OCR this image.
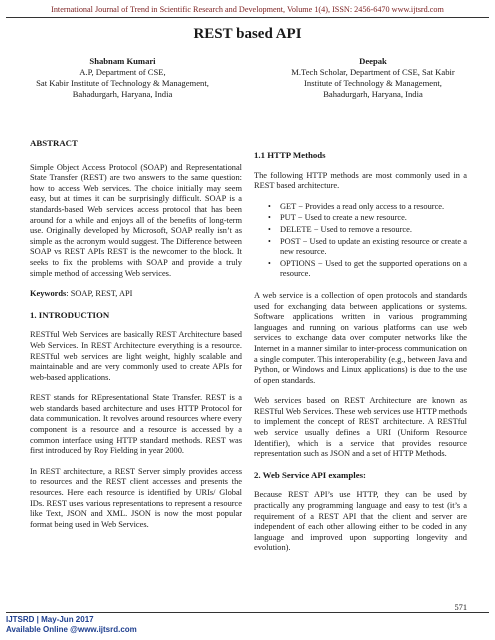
International Journal of Trend in Scientific Research and Development, Volume 1(4), ISSN: 2456-6470 www.ijtsrd.com
REST based API
Shabnam Kumari
A.P, Department of CSE,
Sat Kabir Institute of Technology & Management,
Bahadurgarh, Haryana, India
Deepak
M.Tech Scholar, Department of CSE, Sat Kabir
Institute of Technology & Management,
Bahadurgarh, Haryana, India

ABSTRACT

Simple Object Access Protocol (SOAP) and Representational State Transfer (REST) are two answers to the same question: how to access Web services. The choice initially may seem easy, but at times it can be surprisingly difficult. SOAP is a standards-based Web services access protocol that has been around for a while and enjoys all of the benefits of long-term use. Originally developed by Microsoft, SOAP really isn’t as simple as the acronym would suggest. The Difference between SOAP vs REST APIs REST is the newcomer to the block. It seeks to fix the problems with SOAP and provide a truly simple method of accessing Web services.

Keywords: SOAP, REST, API

1. INTRODUCTION

RESTful Web Services are basically REST Architecture based Web Services. In REST Architecture everything is a resource. RESTful web services are light weight, highly scalable and maintainable and are very commonly used to create APIs for web-based applications.

REST stands for REpresentational State Transfer. REST is a web standards based architecture and uses HTTP Protocol for data communication. It revolves around resources where every component is a resource and a resource is accessed by a common interface using HTTP standard methods. REST was first introduced by Roy Fielding in year 2000.

In REST architecture, a REST Server simply provides access to resources and the REST client accesses and presents the resources. Here each resource is identified by URIs/ Global IDs. REST uses various representations to represent a resource like Text, JSON and XML. JSON is now the most popular format being used in Web Services.

1.1 HTTP Methods

The following HTTP methods are most commonly used in a REST based architecture.

• GET − Provides a read only access to a resource.
• PUT − Used to create a new resource.
• DELETE − Used to remove a resource.
• POST − Used to update an existing resource or create a new resource.
• OPTIONS − Used to get the supported operations on a resource.

A web service is a collection of open protocols and standards used for exchanging data between applications or systems. Software applications written in various programming languages and running on various platforms can use web services to exchange data over computer networks like the Internet in a manner similar to inter-process communication on a single computer. This interoperability (e.g., between Java and Python, or Windows and Linux applications) is due to the use of open standards.

Web services based on REST Architecture are known as RESTful Web Services. These web services use HTTP methods to implement the concept of REST architecture. A RESTful web service usually defines a URI (Uniform Resource Identifier), which is a service that provides resource representation such as JSON and a set of HTTP Methods.

2. Web Service API examples:

Because REST API’s use HTTP, they can be used by practically any programming language and easy to test (it’s a requirement of a REST API that the client and server are independent of each other allowing either to be coded in any language and improved upon supporting longevity and evolution).

571
IJTSRD | May-Jun 2017
Available Online @www.ijtsrd.com
